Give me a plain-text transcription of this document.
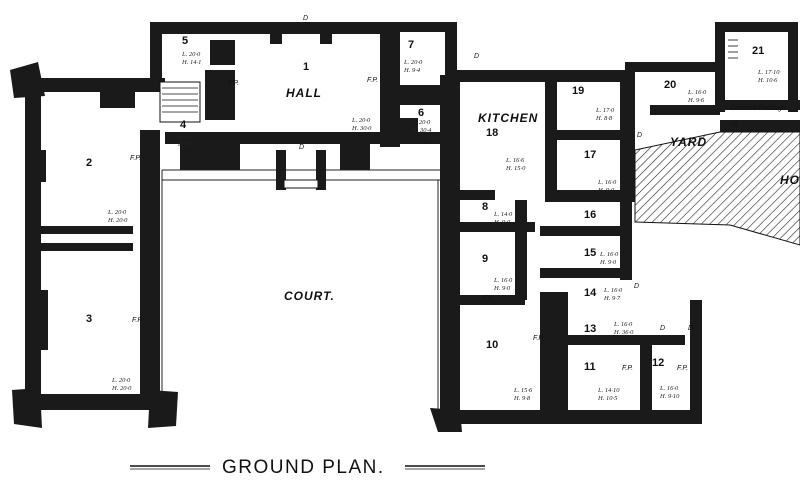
HALL
COURT.
KITCHEN
YARD
HO
Covered Passage
D
D
D
D
D
D
D
D
F.P.	F.P.
F.P.
F.P.
F.P.
F.P.
F.P.	F.P.
1
L. 20·0
H. 30·0
2
L. 20·0
H. 20·0
3
L. 20·0
H. 20·0
4
L. 20·0
H. 23·0
5
L. 20·0
H. 14·1
6
L. 20·0
H. 30·4
7
L. 20·0
H. 9·4
8
L. 14·0
H. 9·0
9
L. 16·0
H. 9·0
10
L. 15·6
H. 9·8
11
L. 14·10
H. 10·5
12
L. 16·0
H. 9·10
13	L. 16·0
H. 36·0
14 L. 16·0
H. 9·7
15 L. 16·0
H. 9·0
16
17
L. 16·0
H. 9·0
18
L. 16·6
H. 15·0
19
L. 17·0
H. 8·8
20
L. 16·0
H. 9·6
21
L. 17·10
H. 10·6
L. 16·6
GROUND PLAN.
